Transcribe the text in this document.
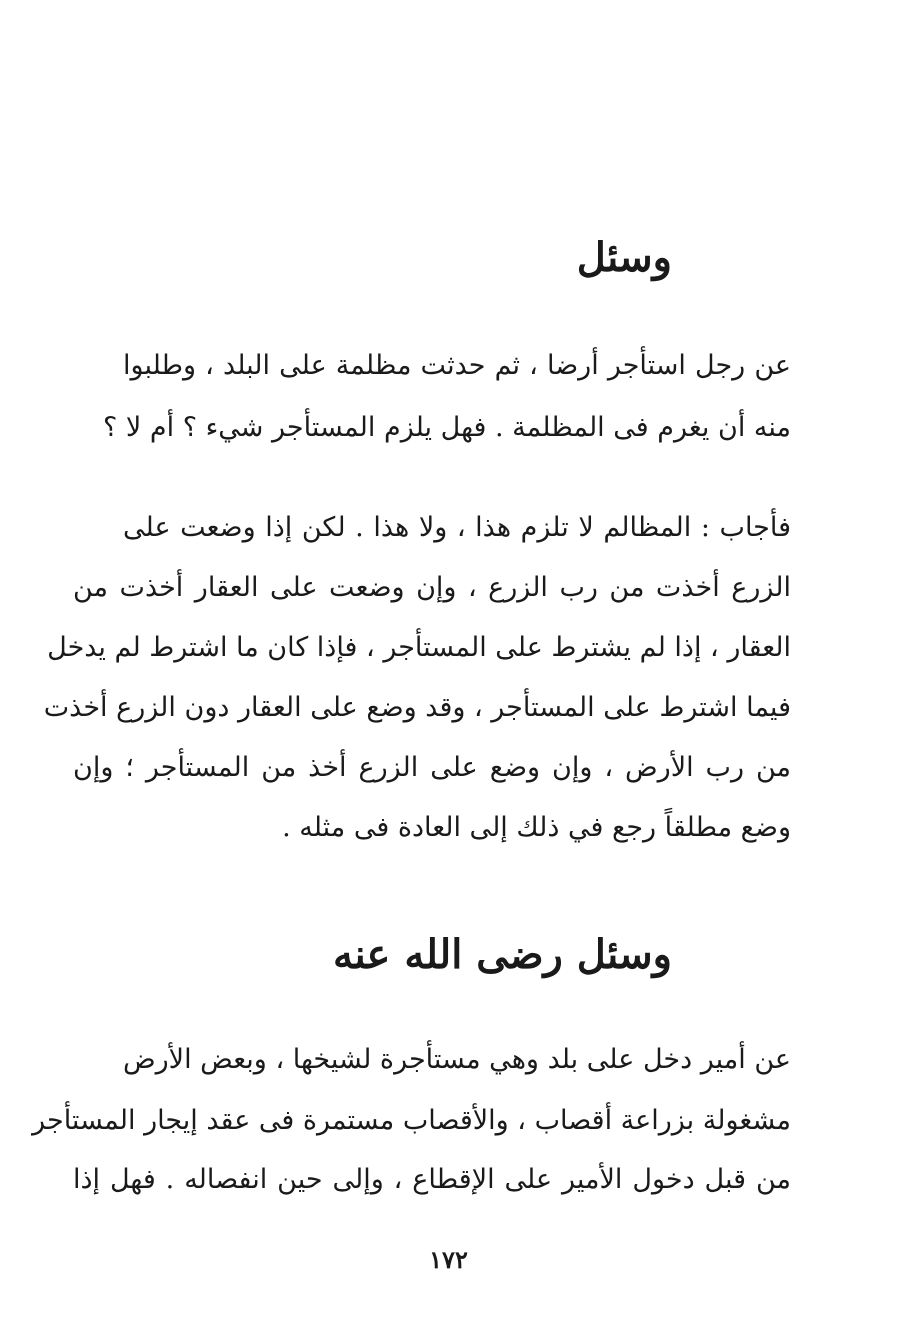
وسئل
عن رجل استأجر أرضا ، ثم حدثت مظلمة على البلد ، وطلبوا
منه أن يغرم فى المظلمة . فهل يلزم المستأجر شيء ؟ أم لا ؟
فأجاب : المظالم لا تلزم هذا ، ولا هذا . لكن إذا وضعت على
الزرع أخذت من رب الزرع ، وإن وضعت على العقار أخذت من
العقار ، إذا لم يشترط على المستأجر ، فإذا كان ما اشترط لم يدخل
فيما اشترط على المستأجر ، وقد وضع على العقار دون الزرع أخذت
من رب الأرض ، وإن وضع على الزرع أخذ من المستأجر ؛ وإن
وضع مطلقاً رجع في ذلك إلى العادة فى مثله .
وسئل رضى الله عنه
عن أمير دخل على بلد وهي مستأجرة لشيخها ، وبعض الأرض
مشغولة بزراعة أقصاب ، والأقصاب مستمرة فى عقد إيجار المستأجر
من قبل دخول الأمير على الإقطاع ، وإلى حين انفصاله . فهل إذا
١٧٢
